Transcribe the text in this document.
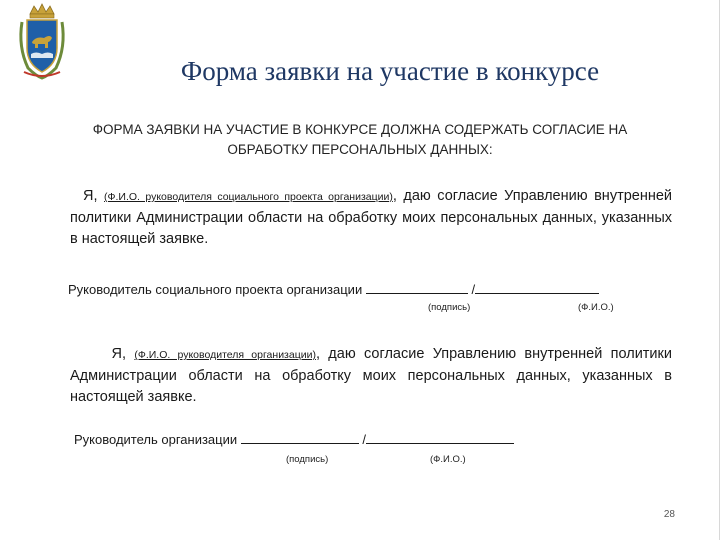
Форма заявки на участие в конкурсе
ФОРМА ЗАЯВКИ НА УЧАСТИЕ В КОНКУРСЕ ДОЛЖНА СОДЕРЖАТЬ СОГЛАСИЕ НА
ОБРАБОТКУ ПЕРСОНАЛЬНЫХ ДАННЫХ:
Я, (Ф.И.О. руководителя социального проекта организации), даю согласие Управлению внутренней политики Администрации области на обработку моих персональных данных, указанных в настоящей заявке.
Руководитель социального проекта организации	/
(подпись)	(Ф.И.О.)
Я, (Ф.И.О. руководителя организации), даю согласие Управлению внутренней политики Администрации области на обработку моих персональных данных, указанных в настоящей заявке.
Руководитель организации	/
(подпись)	(Ф.И.О.)
28
